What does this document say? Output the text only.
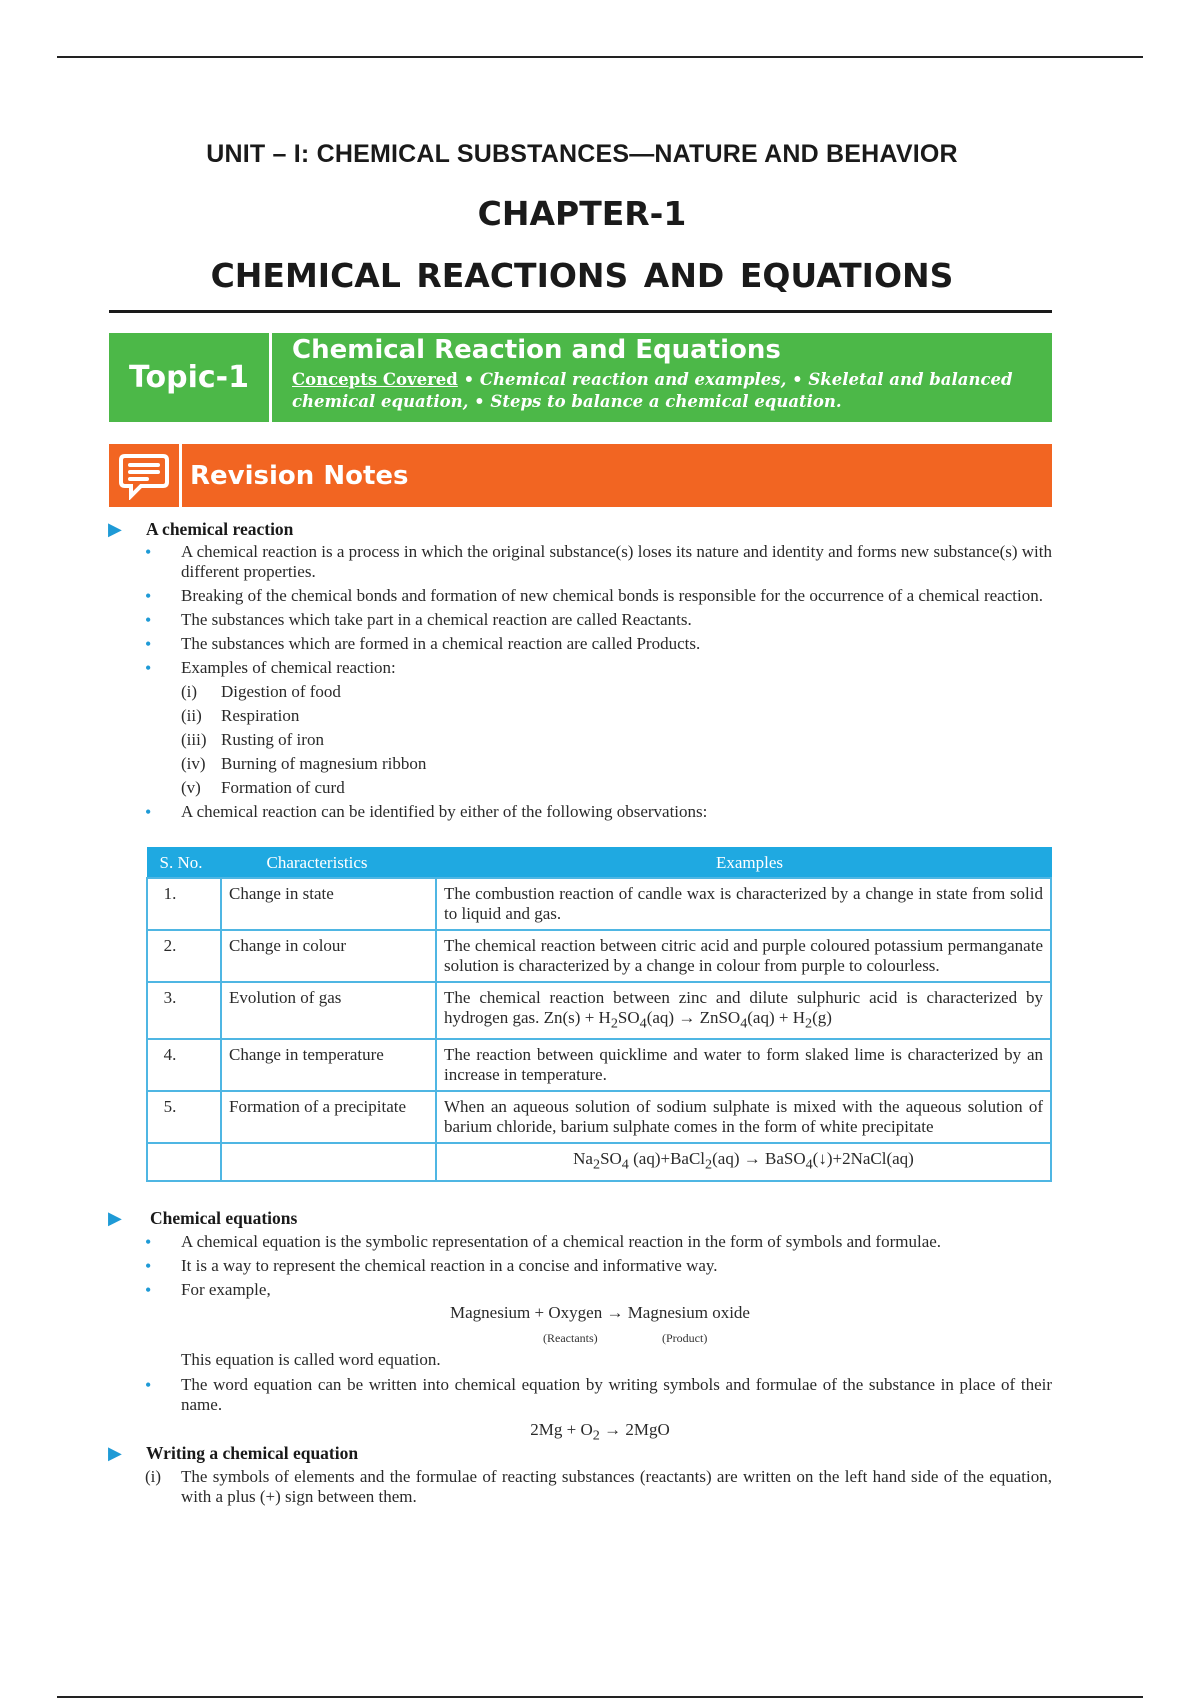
UNIT – I: CHEMICAL SUBSTANCES—NATURE AND BEHAVIOR
CHAPTER-1
CHEMICAL REACTIONS AND EQUATIONS
Topic-1
Chemical Reaction and Equations
Concepts Covered • Chemical reaction and examples, • Skeletal and balanced chemical equation, • Steps to balance a chemical equation.
Revision Notes
▶	A chemical reaction
• A chemical reaction is a process in which the original substance(s) loses its nature and identity and forms new substance(s) with different properties.
• Breaking of the chemical bonds and formation of new chemical bonds is responsible for the occurrence of a chemical reaction.
• The substances which take part in a chemical reaction are called Reactants.
• The substances which are formed in a chemical reaction are called Products.
• Examples of chemical reaction:
(i)	Digestion of food
(ii)	Respiration
(iii) Rusting of iron
(iv) Burning of magnesium ribbon
(v)	Formation of curd
• A chemical reaction can be identified by either of the following observations:
S. No.	Characteristics	Examples
1.	Change in state	The combustion reaction of candle wax is characterized by a change in state from solid to liquid and gas.
2.	Change in colour	The chemical reaction between citric acid and purple coloured potassium permanganate solution is characterized by a change in colour from purple to colourless.
3.	Evolution of gas	The chemical reaction between zinc and dilute sulphuric acid is characterized by hydrogen gas. $Zn(s) + H_2SO_4(aq)$ → ZnSO$_4$(aq) + $H_2(g)$
4.	Change in temperature	The reaction between quicklime and water to form slaked lime is characterized by an increase in temperature.
5.	Formation of a precipitate	When an aqueous solution of sodium sulphate is mixed with the aqueous solution of barium chloride, barium sulphate comes in the form of white precipitate
		$Na_2SO_4$ (aq)+BaCl$_2$(aq) → BaSO$_4$(↓)+2NaCl(aq)
▶	Chemical equations
• A chemical equation is the symbolic representation of a chemical reaction in the form of symbols and formulae.
• It is a way to represent the chemical reaction in a concise and informative way.
• For example,
Magnesium + Oxygen → Magnesium oxide
(Reactants)	(Product)
This equation is called word equation.
• The word equation can be written into chemical equation by writing symbols and formulae of the substance in place of their name.
$2Mg + O_2 \to 2MgO$
▶	Writing a chemical equation
(i) The symbols of elements and the formulae of reacting substances (reactants) are written on the left hand side of the equation, with a plus (+) sign between them.
